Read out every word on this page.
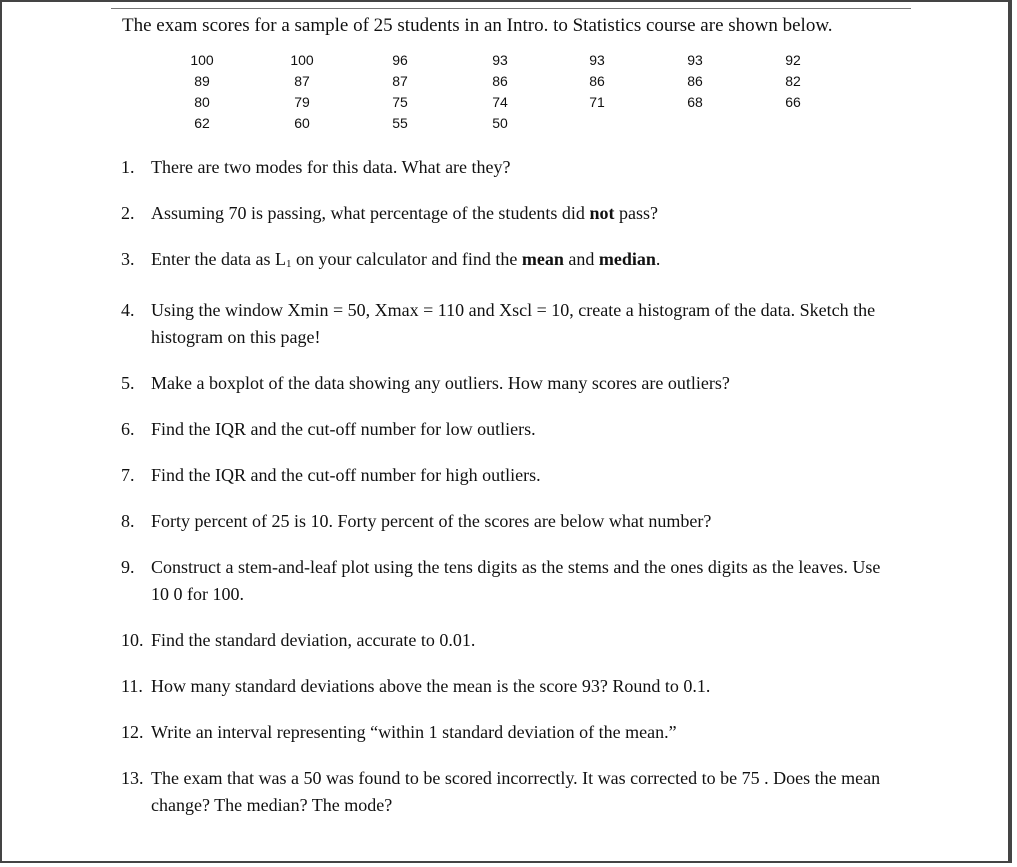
The exam scores for a sample of 25 students in an Intro. to Statistics course are shown below.
100	100	96	93	93	93	92
89	87	87	86	86	86	82
80	79	75	74	71	68	66
62	60	55	50
1. There are two modes for this data. What are they?
2. Assuming 70 is passing, what percentage of the students did not pass?
3. Enter the data as $L_1$ on your calculator and find the mean and median.
4. Using the window Xmin = 50, Xmax = 110 and Xscl = 10, create a histogram of the data. Sketch the histogram on this page!
5. Make a boxplot of the data showing any outliers. How many scores are outliers?
6. Find the IQR and the cut-off number for low outliers.
7. Find the IQR and the cut-off number for high outliers.
8. Forty percent of 25 is 10. Forty percent of the scores are below what number?
9. Construct a stem-and-leaf plot using the tens digits as the stems and the ones digits as the leaves. Use 10 0 for 100.
10. Find the standard deviation, accurate to 0.01.
11. How many standard deviations above the mean is the score 93? Round to 0.1.
12. Write an interval representing “within 1 standard deviation of the mean.”
13. The exam that was a 50 was found to be scored incorrectly. It was corrected to be 75 . Does the mean change? The median? The mode?
